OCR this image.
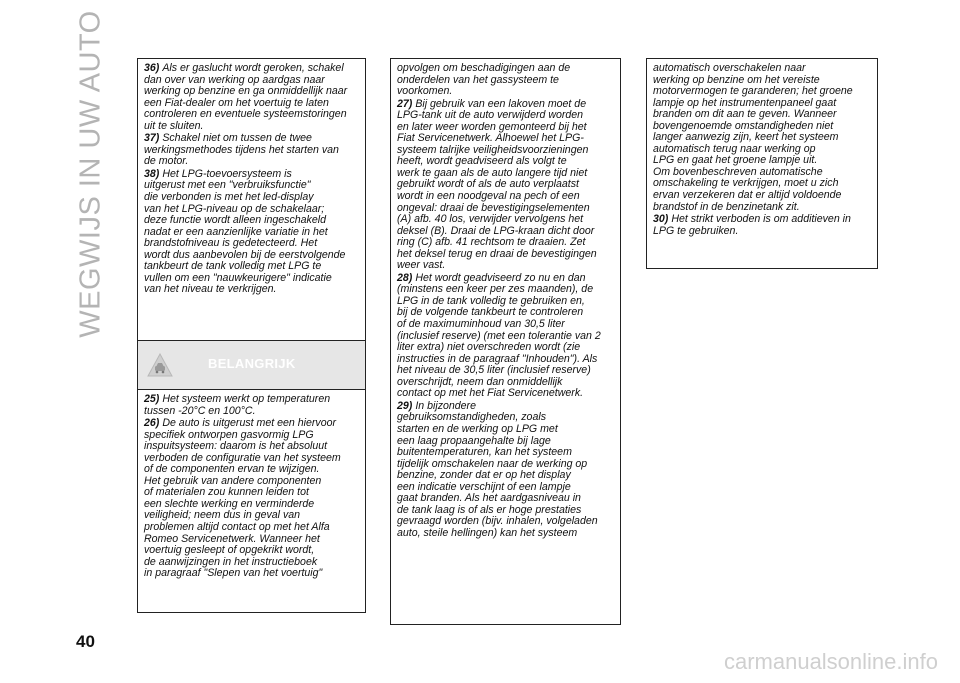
WEGWIJS IN UW AUTO	36) Als er gaslucht wordt geroken, schakel
dan over van werking op aardgas naar
werking op benzine en ga onmiddellijk naar
een Fiat-dealer om het voertuig te laten
controleren en eventuele systeemstoringen
uit te sluiten.

37) Schakel niet om tussen de twee
werkingsmethodes tijdens het starten van
de motor.

38) Het LPG-toevoersysteem is
uitgerust met een "verbruiksfunctie"
die verbonden is met het led-display
van het LPG-niveau op de schakelaar;
deze functie wordt alleen ingeschakeld
nadat er een aanzienlijke variatie in het
brandstofniveau is gedetecteerd. Het
wordt dus aanbevolen bij de eerstvolgende
tankbeurt de tank volledig met LPG te
vullen om een "nauwkeurigere" indicatie
van het niveau te verkrijgen.

BELANGRIJK

25) Het systeem werkt op temperaturen
tussen -20°C en 100°C.

26) De auto is uitgerust met een hiervoor
specifiek ontworpen gasvormig LPG
inspuitsysteem: daarom is het absoluut
verboden de configuratie van het systeem
of de componenten ervan te wijzigen.
Het gebruik van andere componenten
of materialen zou kunnen leiden tot
een slechte werking en verminderde
veiligheid; neem dus in geval van
problemen altijd contact op met het Alfa
Romeo Servicenetwerk. Wanneer het
voertuig gesleept of opgekrikt wordt,
de aanwijzingen in het instructieboek
in paragraaf "Slepen van het voertuig"

opvolgen om beschadigingen aan de
onderdelen van het gassysteem te
voorkomen.

27) Bij gebruik van een lakoven moet de
LPG-tank uit de auto verwijderd worden
en later weer worden gemonteerd bij het
Fiat Servicenetwerk. Alhoewel het LPG-
systeem talrijke veiligheidsvoorzieningen
heeft, wordt geadviseerd als volgt te
werk te gaan als de auto langere tijd niet
gebruikt wordt of als de auto verplaatst
wordt in een noodgeval na pech of een
ongeval: draai de bevestigingselementen
(A) afb. 40 los, verwijder vervolgens het
deksel (B). Draai de LPG-kraan dicht door
ring (C) afb. 41 rechtsom te draaien. Zet
het deksel terug en draai de bevestigingen
weer vast.

28) Het wordt geadviseerd zo nu en dan
(minstens een keer per zes maanden), de
LPG in de tank volledig te gebruiken en,
bij de volgende tankbeurt te controleren
of de maximuminhoud van 30,5 liter
(inclusief reserve) (met een tolerantie van 2
liter extra) niet overschreden wordt (zie
instructies in de paragraaf "Inhouden"). Als
het niveau de 30,5 liter (inclusief reserve)
overschrijdt, neem dan onmiddellijk
contact op met het Fiat Servicenetwerk.

29) In bijzondere
gebruiksomstandigheden, zoals
starten en de werking op LPG met
een laag propaangehalte bij lage
buitentemperaturen, kan het systeem
tijdelijk omschakelen naar de werking op
benzine, zonder dat er op het display
een indicatie verschijnt of een lampje
gaat branden. Als het aardgasniveau in
de tank laag is of als er hoge prestaties
gevraagd worden (bijv. inhalen, volgeladen
auto, steile hellingen) kan het systeem

automatisch overschakelen naar
werking op benzine om het vereiste
motorvermogen te garanderen; het groene
lampje op het instrumentenpaneel gaat
branden om dit aan te geven. Wanneer
bovengenoemde omstandigheden niet
langer aanwezig zijn, keert het systeem
automatisch terug naar werking op
LPG en gaat het groene lampje uit.
Om bovenbeschreven automatische
omschakeling te verkrijgen, moet u zich
ervan verzekeren dat er altijd voldoende
brandstof in de benzinetank zit.

30) Het strikt verboden is om additieven in
LPG te gebruiken.

40
carmanualsonline.info
